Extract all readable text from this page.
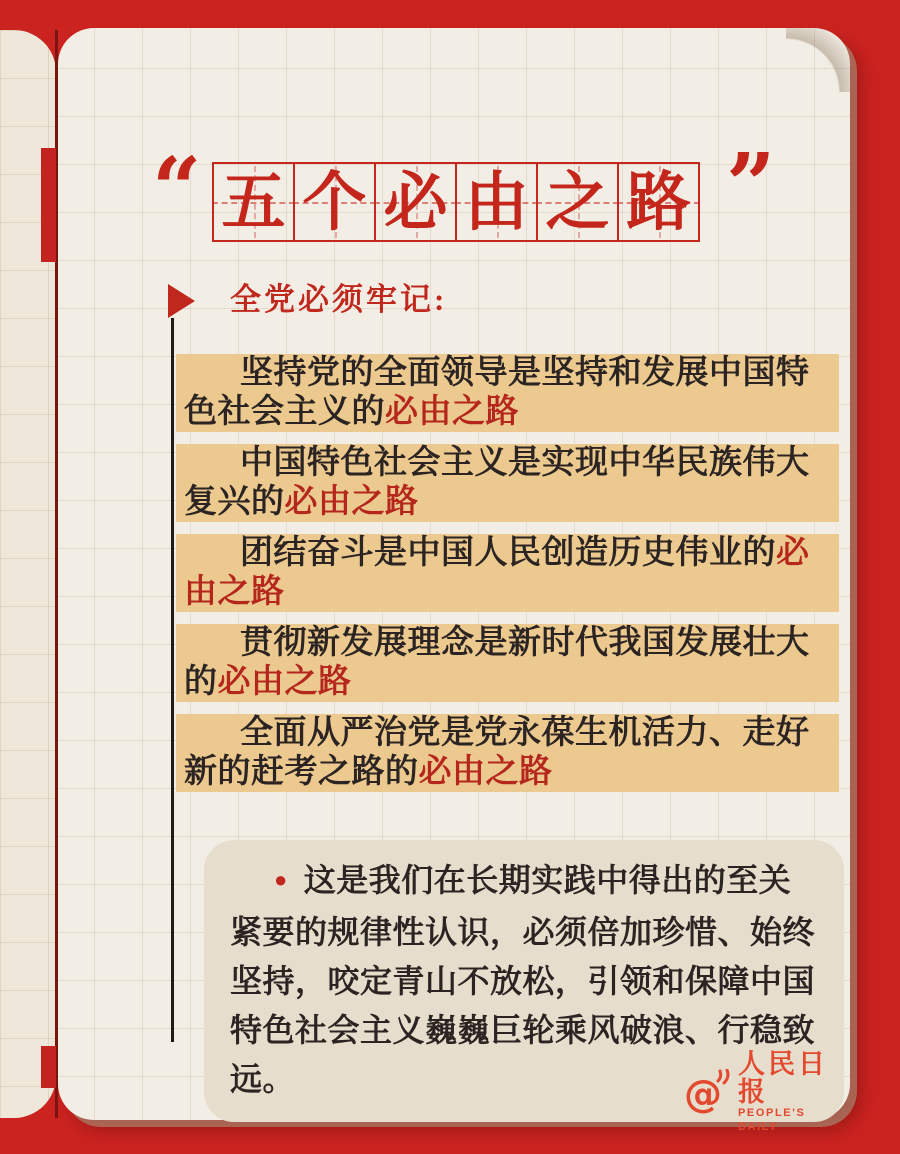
“ 五 个 必 由 之 路 ”
全党必须牢记:

坚持党的全面领导是坚持和发展中国特色社会主义的必由之路

中国特色社会主义是实现中华民族伟大复兴的必由之路

团结奋斗是中国人民创造历史伟业的必由之路

贯彻新发展理念是新时代我国发展壮大的必由之路

全面从严治党是党永葆生机活力、走好新的赶考之路的必由之路

● 这是我们在长期实践中得出的至关紧要的规律性认识，必须倍加珍惜、始终坚持，咬定青山不放松，引领和保障中国特色社会主义巍巍巨轮乘风破浪、行稳致远。	@
人民日报
PEOPLE'S DAILY
